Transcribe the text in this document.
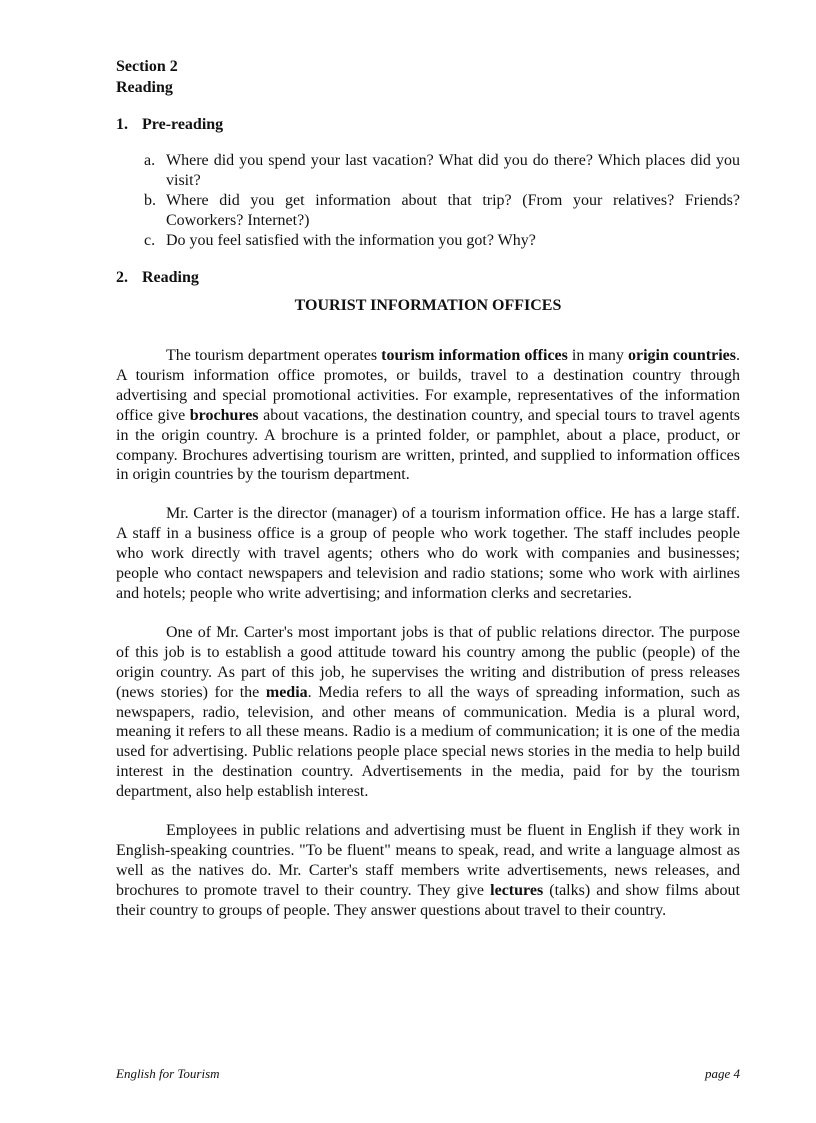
Section 2

Reading

1. Pre-reading
a. Where did you spend your last vacation? What did you do there? Which places did you visit?
b. Where did you get information about that trip? (From your relatives? Friends? Coworkers? Internet?)
c. Do you feel satisfied with the information you got? Why?
2. Reading
TOURIST INFORMATION OFFICES

The tourism department operates tourism information offices in many origin countries. A tourism information office promotes, or builds, travel to a destination country through advertising and special promotional activities. For example, representatives of the information office give brochures about vacations, the destination country, and special tours to travel agents in the origin country. A brochure is a printed folder, or pamphlet, about a place, product, or company. Brochures advertising tourism are written, printed, and supplied to information offices in origin countries by the tourism department.

Mr. Carter is the director (manager) of a tourism information office. He has a large staff. A staff in a business office is a group of people who work together. The staff includes people who work directly with travel agents; others who do work with companies and businesses; people who contact newspapers and television and radio stations; some who work with airlines and hotels; people who write advertising; and information clerks and secretaries.

One of Mr. Carter's most important jobs is that of public relations director. The purpose of this job is to establish a good attitude toward his country among the public (people) of the origin country. As part of this job, he supervises the writing and distribution of press releases (news stories) for the media. Media refers to all the ways of spreading information, such as newspapers, radio, television, and other means of communication. Media is a plural word, meaning it refers to all these means. Radio is a medium of communication; it is one of the media used for advertising. Public relations people place special news stories in the media to help build interest in the destination country. Advertisements in the media, paid for by the tourism department, also help establish interest.

Employees in public relations and advertising must be fluent in English if they work in English-speaking countries. "To be fluent" means to speak, read, and write a language almost as well as the natives do. Mr. Carter's staff members write advertisements, news releases, and brochures to promote travel to their country. They give lectures (talks) and show films about their country to groups of people. They answer questions about travel to their country.

English for Tourism	page 4
